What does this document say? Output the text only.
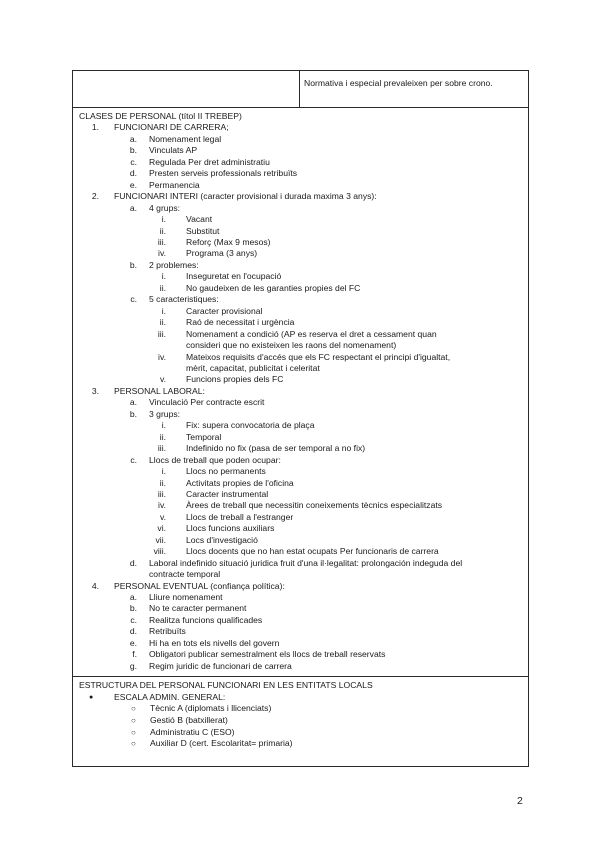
Normativa i especial prevaleixen per sobre crono.
CLASES DE PERSONAL (títol II TREBEP)
1. FUNCIONARI DE CARRERA;
a. Nomenament legal
b. Vinculats AP
c. Regulada Per dret administratiu
d. Presten serveis professionals retribuïts
e. Permanencia
2. FUNCIONARI INTERI (caracter provisional i durada maxima 3 anys):
a. 4 grups:
i. Vacant
ii. Substitut
iii. Reforç (Max 9 mesos)
iv. Programa (3 anys)
b. 2 problemes:
i. Inseguretat en l'ocupació
ii. No gaudeixen de les garanties propies del FC
c. 5 caracteristiques:
i. Caracter provisional
ii. Raó de necessitat i urgència
iii. Nomenament a condició (AP es reserva el dret a cessament quan
consideri que no existeixen les raons del nomenament)
iv. Mateixos requisits d'accés que els FC respectant el principi d'igualtat,
mèrit, capacitat, publicitat i celeritat
v. Funcions propies dels FC
3. PERSONAL LABORAL:
a. Vinculació Per contracte escrit
b. 3 grups:
i. Fix: supera convocatoria de plaça
ii. Temporal
iii. Indefinido no fix (pasa de ser temporal a no fix)
c. Llocs de treball que poden ocupar:
i. Llocs no permanents
ii. Activitats propies de l'oficina
iii. Caracter instrumental
iv. Àrees de treball que necessitin coneixements tècnics especialitzats
v. Llocs de treball a l'estranger
vi. Llocs funcions auxiliars
vii. Locs d'investigació
viii. Llocs docents que no han estat ocupats Per funcionaris de carrera
d. Laboral indefinido situació juridica fruit d'una il·legalitat: prolongación indeguda del
contracte temporal
4. PERSONAL EVENTUAL (confiança política):
a. Lliure nomenament
b. No te caracter permanent
c. Realitza funcions qualificades
d. Retribuïts
e. Hi ha en tots els nivells del govern
f. Obligatori publicar semestralment els llocs de treball reservats
g. Regim juridic de funcionari de carrera
ESTRUCTURA DEL PERSONAL FUNCIONARI EN LES ENTITATS LOCALS
● ESCALA ADMIN. GENERAL:
○ Tècnic A (diplomats i llicenciats)
○ Gestió B (batxillerat)
○ Administratiu C (ESO)
○ Auxiliar D (cert. Escolaritat= primaria)
2
